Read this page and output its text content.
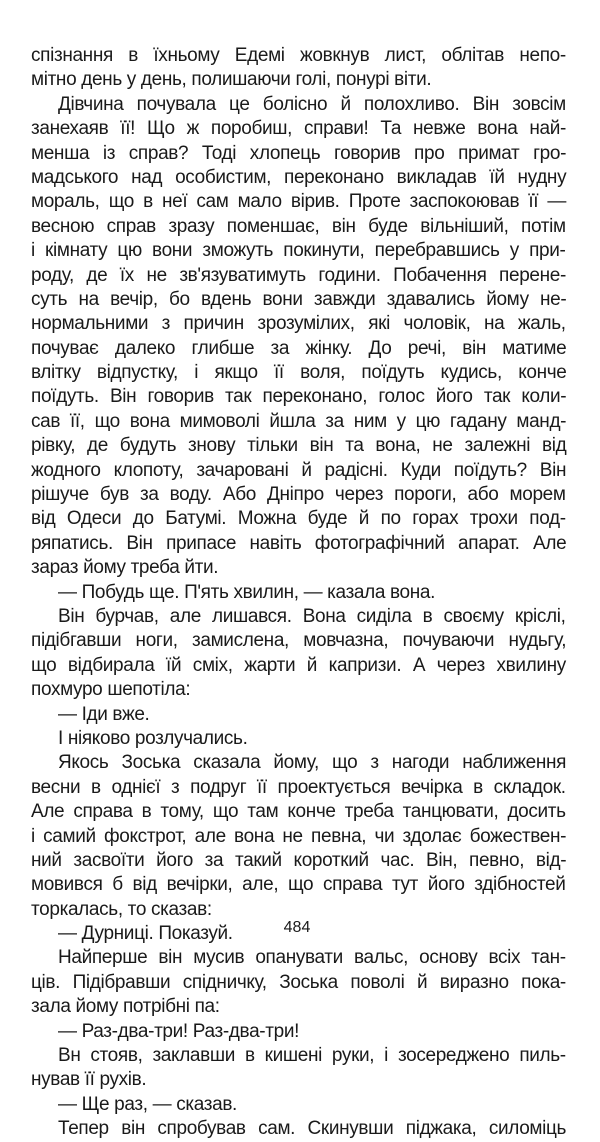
спізнання в їхньому Едемі жовкнув лист, облітав непо-
мітно день у день, полишаючи голі, понурі віти.
Дівчина почувала це болісно й полохливо. Він зовсім
занехаяв її! Що ж поробиш, справи! Та невже вона най-
менша із справ? Тоді хлопець говорив про примат гро-
мадського над особистим, переконано викладав їй нудну
мораль, що в неї сам мало вірив. Проте заспокоював її —
весною справ зразу поменшає, він буде вільніший, потім
і кімнату цю вони зможуть покинути, перебравшись у при-
роду, де їх не зв'язуватимуть години. Побачення перене-
суть на вечір, бо вдень вони завжди здавались йому не-
нормальними з причин зрозумілих, які чоловік, на жаль,
почуває далеко глибше за жінку. До речі, він матиме
влітку відпустку, і якщо її воля, поїдуть кудись, конче
поїдуть. Він говорив так переконано, голос його так коли-
сав її, що вона мимоволі йшла за ним у цю гадану манд-
рівку, де будуть знову тільки він та вона, не залежні від
жодного клопоту, зачаровані й радісні. Куди поїдуть? Він
рішуче був за воду. Або Дніпро через пороги, або морем
від Одеси до Батумі. Можна буде й по горах трохи под-
ряпатись. Він припасе навіть фотографічний апарат. Але
зараз йому треба йти.
— Побудь ще. П'ять хвилин, — казала вона.
Він бурчав, але лишався. Вона сиділа в своєму кріслі,
підібгавши ноги, замислена, мовчазна, почуваючи нудьгу,
що відбирала їй сміх, жарти й капризи. А через хвилину
похмуро шепотіла:
— Іди вже.
І ніяково розлучались.
Якось Зоська сказала йому, що з нагоди наближення
весни в однієї з подруг її проектується вечірка в складок.
Але справа в тому, що там конче треба танцювати, досить
і самий фокстрот, але вона не певна, чи здолає божествен-
ний засвоїти його за такий короткий час. Він, певно, від-
мовився б від вечірки, але, що справа тут його здібностей
торкалась, то сказав:
— Дурниці. Показуй.
Найперше він мусив опанувати вальс, основу всіх тан-
ців. Підібравши спідничку, Зоська поволі й виразно пока-
зала йому потрібні па:
— Раз-два-три! Раз-два-три!
Вн стояв, заклавши в кишені руки, і зосереджено пиль-
нував її рухів.
— Ще раз, — сказав.
Тепер він спробував сам. Скинувши піджака, силоміць
484
